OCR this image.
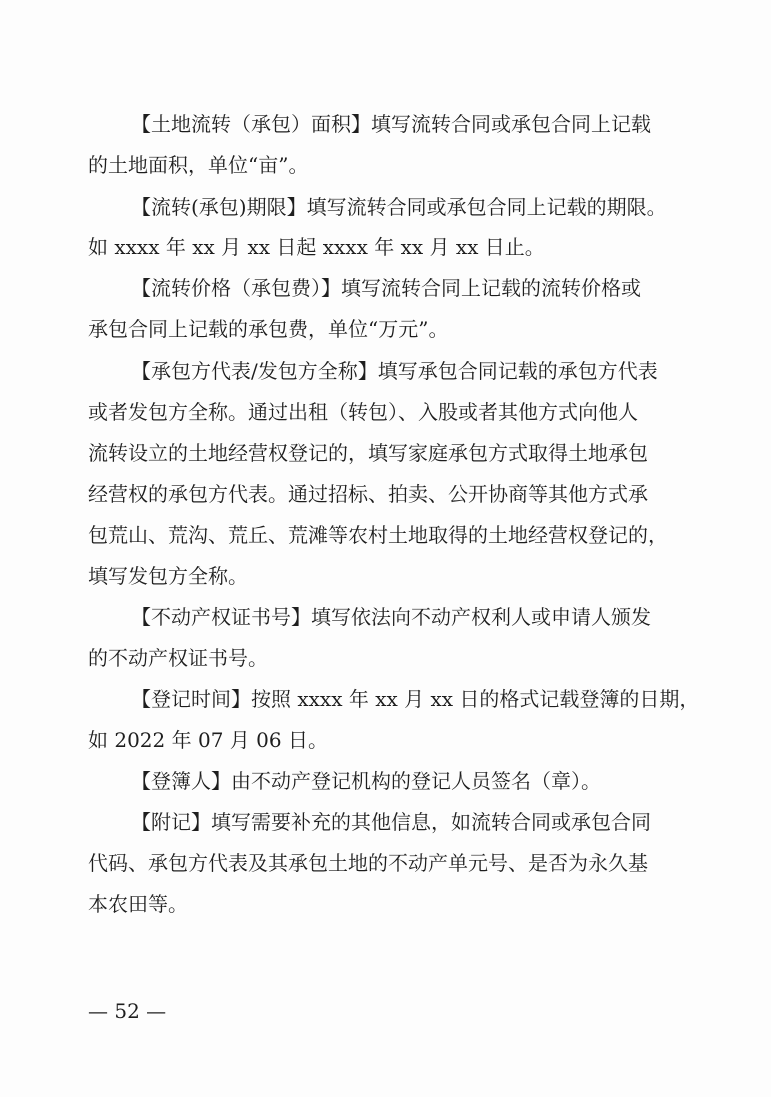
【土地流转（承包）面积】填写流转合同或承包合同上记载
的土地面积，单位“亩”。
【流转(承包)期限】填写流转合同或承包合同上记载的期限。
如 xxxx 年 xx 月 xx 日起 xxxx 年 xx 月 xx 日止。
【流转价格（承包费）】填写流转合同上记载的流转价格或
承包合同上记载的承包费，单位“万元”。
【承包方代表/发包方全称】填写承包合同记载的承包方代表
或者发包方全称。通过出租（转包）、入股或者其他方式向他人
流转设立的土地经营权登记的，填写家庭承包方式取得土地承包
经营权的承包方代表。通过招标、拍卖、公开协商等其他方式承
包荒山、荒沟、荒丘、荒滩等农村土地取得的土地经营权登记的，
填写发包方全称。
【不动产权证书号】填写依法向不动产权利人或申请人颁发
的不动产权证书号。
【登记时间】按照 xxxx 年 xx 月 xx 日的格式记载登簿的日期，
如 2022 年 07 月 06 日。
【登簿人】由不动产登记机构的登记人员签名（章）。
【附记】填写需要补充的其他信息，如流转合同或承包合同
代码、承包方代表及其承包土地的不动产单元号、是否为永久基
本农田等。
— 52 —
